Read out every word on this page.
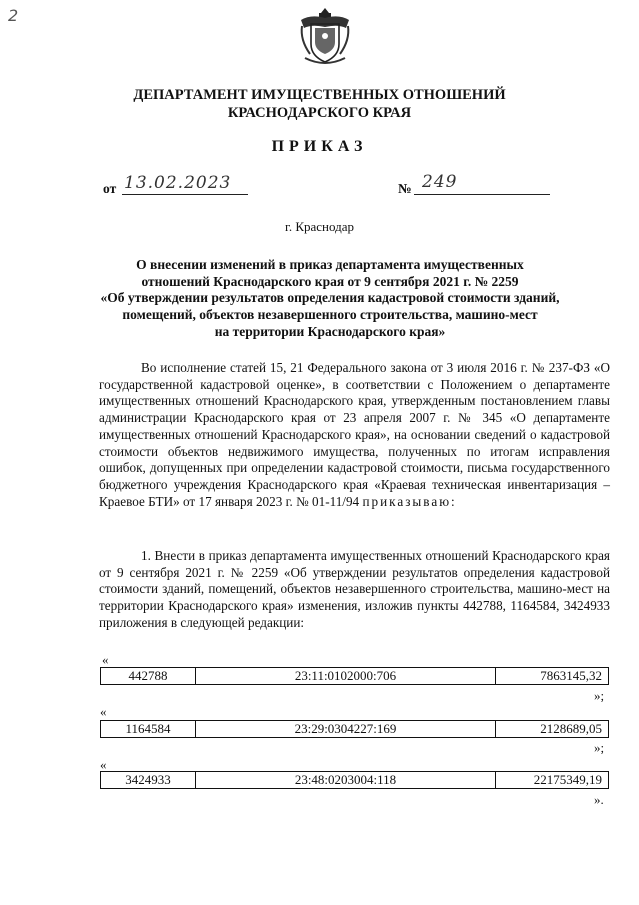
2
ДЕПАРТАМЕНТ ИМУЩЕСТВЕННЫХ ОТНОШЕНИЙ
КРАСНОДАРСКОГО КРАЯ
ПРИКАЗ
от 13.02.2023	№ 249
г. Краснодар
О внесении изменений в приказ департамента имущественных
отношений Краснодарского края от 9 сентября 2021 г. № 2259
«Об утверждении результатов определения кадастровой стоимости зданий,
помещений, объектов незавершенного строительства, машино-мест
на территории Краснодарского края»
Во исполнение статей 15, 21 Федерального закона от 3 июля 2016 г. № 237-ФЗ «О государственной кадастровой оценке», в соответствии с Положением о департаменте имущественных отношений Краснодарского края, утвержденным постановлением главы администрации Краснодарского края от 23 апреля 2007 г. № 345 «О департаменте имущественных отношений Краснодарского края», на основании сведений о кадастровой стоимости объектов недвижимого имущества, полученных по итогам исправления ошибок, допущенных при определении кадастровой стоимости, письма государственного бюджетного учреждения Краснодарского края «Краевая техническая инвентаризация – Краевое БТИ» от 17 января 2023 г. № 01-11/94 приказываю:
1. Внести в приказ департамента имущественных отношений Краснодарского края от 9 сентября 2021 г. № 2259 «Об утверждении результатов определения кадастровой стоимости зданий, помещений, объектов незавершенного строительства, машино-мест на территории Краснодарского края» изменения, изложив пункты 442788, 1164584, 3424933 приложения в следующей редакции:
«
442788	23:11:0102000:706	7863145,32
»;
«
1164584	23:29:0304227:169	2128689,05
»;
«
3424933	23:48:0203004:118	22175349,19
».
